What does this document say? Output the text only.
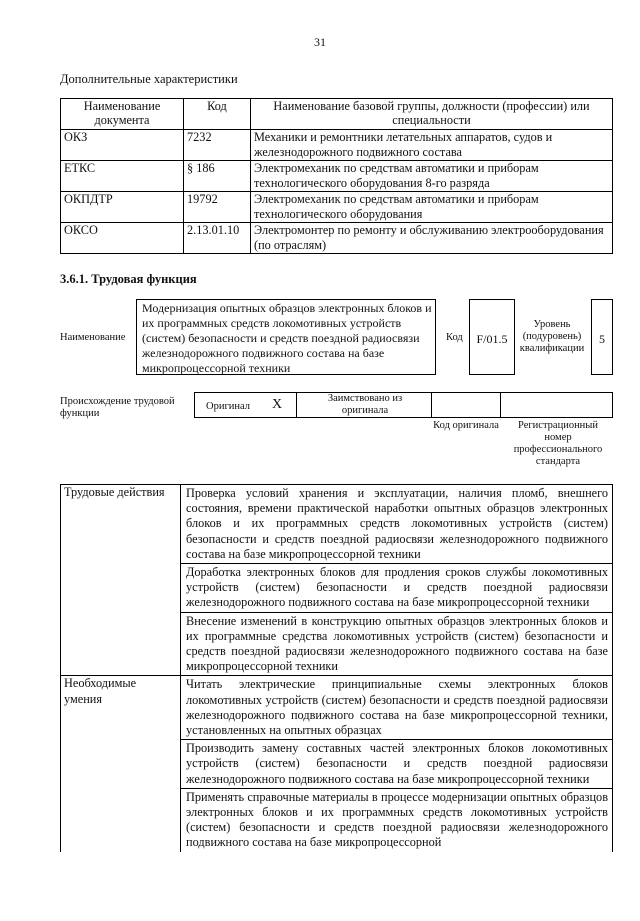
31
Дополнительные характеристики
Наименование документа	Код	Наименование базовой группы, должности (профессии) или специальности
ОКЗ	7232	Механики и ремонтники летательных аппаратов, судов и железнодорожного подвижного состава
ЕТКС	§ 186	Электромеханик по средствам автоматики и приборам технологического оборудования 8-го разряда
ОКПДТР	19792	Электромеханик по средствам автоматики и приборам технологического оборудования
ОКСО	2.13.01.10	Электромонтер по ремонту и обслуживанию электрооборудования (по отраслям)
3.6.1. Трудовая функция
Наименование
Модернизация опытных образцов электронных блоков и их программных средств локомотивных устройств (систем) безопасности и средств поездной радиосвязи железнодорожного подвижного состава на базе микропроцессорной техники
Код	F/01.5
Уровень (подуровень) квалификации
5
Происхождение трудовой функции
Оригинал X	Заимствовано из оригинала
Код оригинала	Регистрационный номер профессионального стандарта
Трудовые действия	Проверка условий хранения и эксплуатации, наличия пломб, внешнего состояния, времени практической наработки опытных образцов электронных блоков и их программных средств локомотивных устройств (систем) безопасности и средств поездной радиосвязи железнодорожного подвижного состава на базе микропроцессорной техники
	Доработка электронных блоков для продления сроков службы локомотивных устройств (систем) безопасности и средств поездной радиосвязи железнодорожного подвижного состава на базе микропроцессорной техники
	Внесение изменений в конструкцию опытных образцов электронных блоков и их программные средства локомотивных устройств (систем) безопасности и средств поездной радиосвязи железнодорожного подвижного состава на базе микропроцессорной техники
Необходимые умения	Читать электрические принципиальные схемы электронных блоков локомотивных устройств (систем) безопасности и средств поездной радиосвязи железнодорожного подвижного состава на базе микропроцессорной техники, установленных на опытных образцах
	Производить замену составных частей электронных блоков локомотивных устройств (систем) безопасности и средств поездной радиосвязи железнодорожного подвижного состава на базе микропроцессорной техники
	Применять справочные материалы в процессе модернизации опытных образцов электронных блоков и их программных средств локомотивных устройств (систем) безопасности и средств поездной радиосвязи железнодорожного подвижного состава на базе микропроцессорной
